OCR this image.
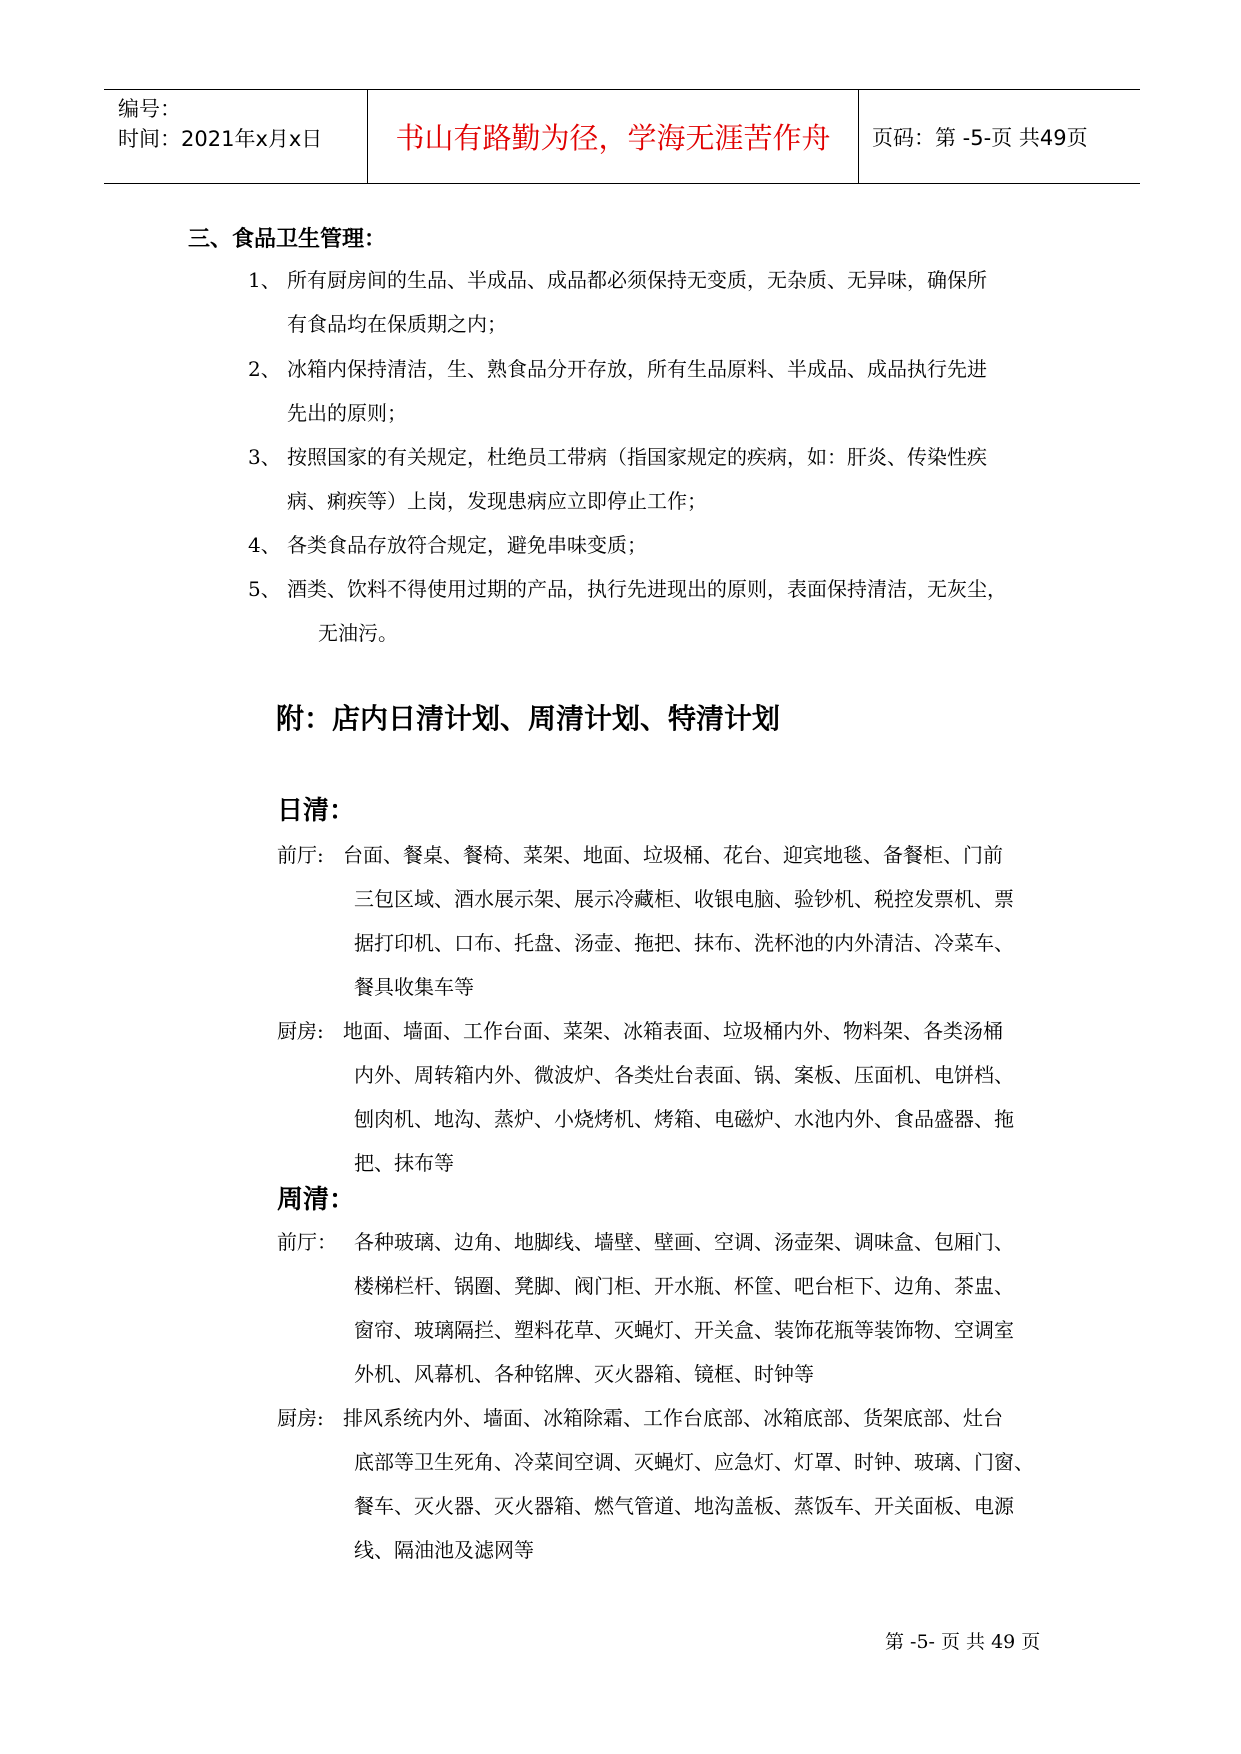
编号：
时间：2021年x月x日	书山有路勤为径，学海无涯苦作舟	页码：第 -5-页 共49页
三、食品卫生管理：
1、 所有厨房间的生品、半成品、成品都必须保持无变质，无杂质、无异味，确保所
有食品均在保质期之内；
2、 冰箱内保持清洁，生、熟食品分开存放，所有生品原料、半成品、成品执行先进
先出的原则；
3、 按照国家的有关规定，杜绝员工带病（指国家规定的疾病，如：肝炎、传染性疾
病、痢疾等）上岗，发现患病应立即停止工作；
4、 各类食品存放符合规定，避免串味变质；
5、 酒类、饮料不得使用过期的产品，执行先进现出的原则，表面保持清洁，无灰尘，
无油污。
附：店内日清计划、周清计划、特清计划
日清：
前厅: 台面、餐桌、餐椅、菜架、地面、垃圾桶、花台、迎宾地毯、备餐柜、门前
三包区域、酒水展示架、展示冷藏柜、收银电脑、验钞机、税控发票机、票
据打印机、口布、托盘、汤壶、拖把、抹布、洗杯池的内外清洁、冷菜车、
餐具收集车等
厨房: 地面、墙面、工作台面、菜架、冰箱表面、垃圾桶内外、物料架、各类汤桶
内外、周转箱内外、微波炉、各类灶台表面、锅、案板、压面机、电饼档、
刨肉机、地沟、蒸炉、小烧烤机、烤箱、电磁炉、水池内外、食品盛器、拖
把、抹布等
周清：
前厅： 各种玻璃、边角、地脚线、墙壁、壁画、空调、汤壶架、调味盒、包厢门、
楼梯栏杆、锅圈、凳脚、阀门柜、开水瓶、杯筐、吧台柜下、边角、茶盅、
窗帘、玻璃隔拦、塑料花草、灭蝇灯、开关盒、装饰花瓶等装饰物、空调室
外机、风幕机、各种铭牌、灭火器箱、镜框、时钟等
厨房: 排风系统内外、墙面、冰箱除霜、工作台底部、冰箱底部、货架底部、灶台
底部等卫生死角、冷菜间空调、灭蝇灯、应急灯、灯罩、时钟、玻璃、门窗、
餐车、灭火器、灭火器箱、燃气管道、地沟盖板、蒸饭车、开关面板、电源
线、隔油池及滤网等
第 -5- 页 共 49 页
